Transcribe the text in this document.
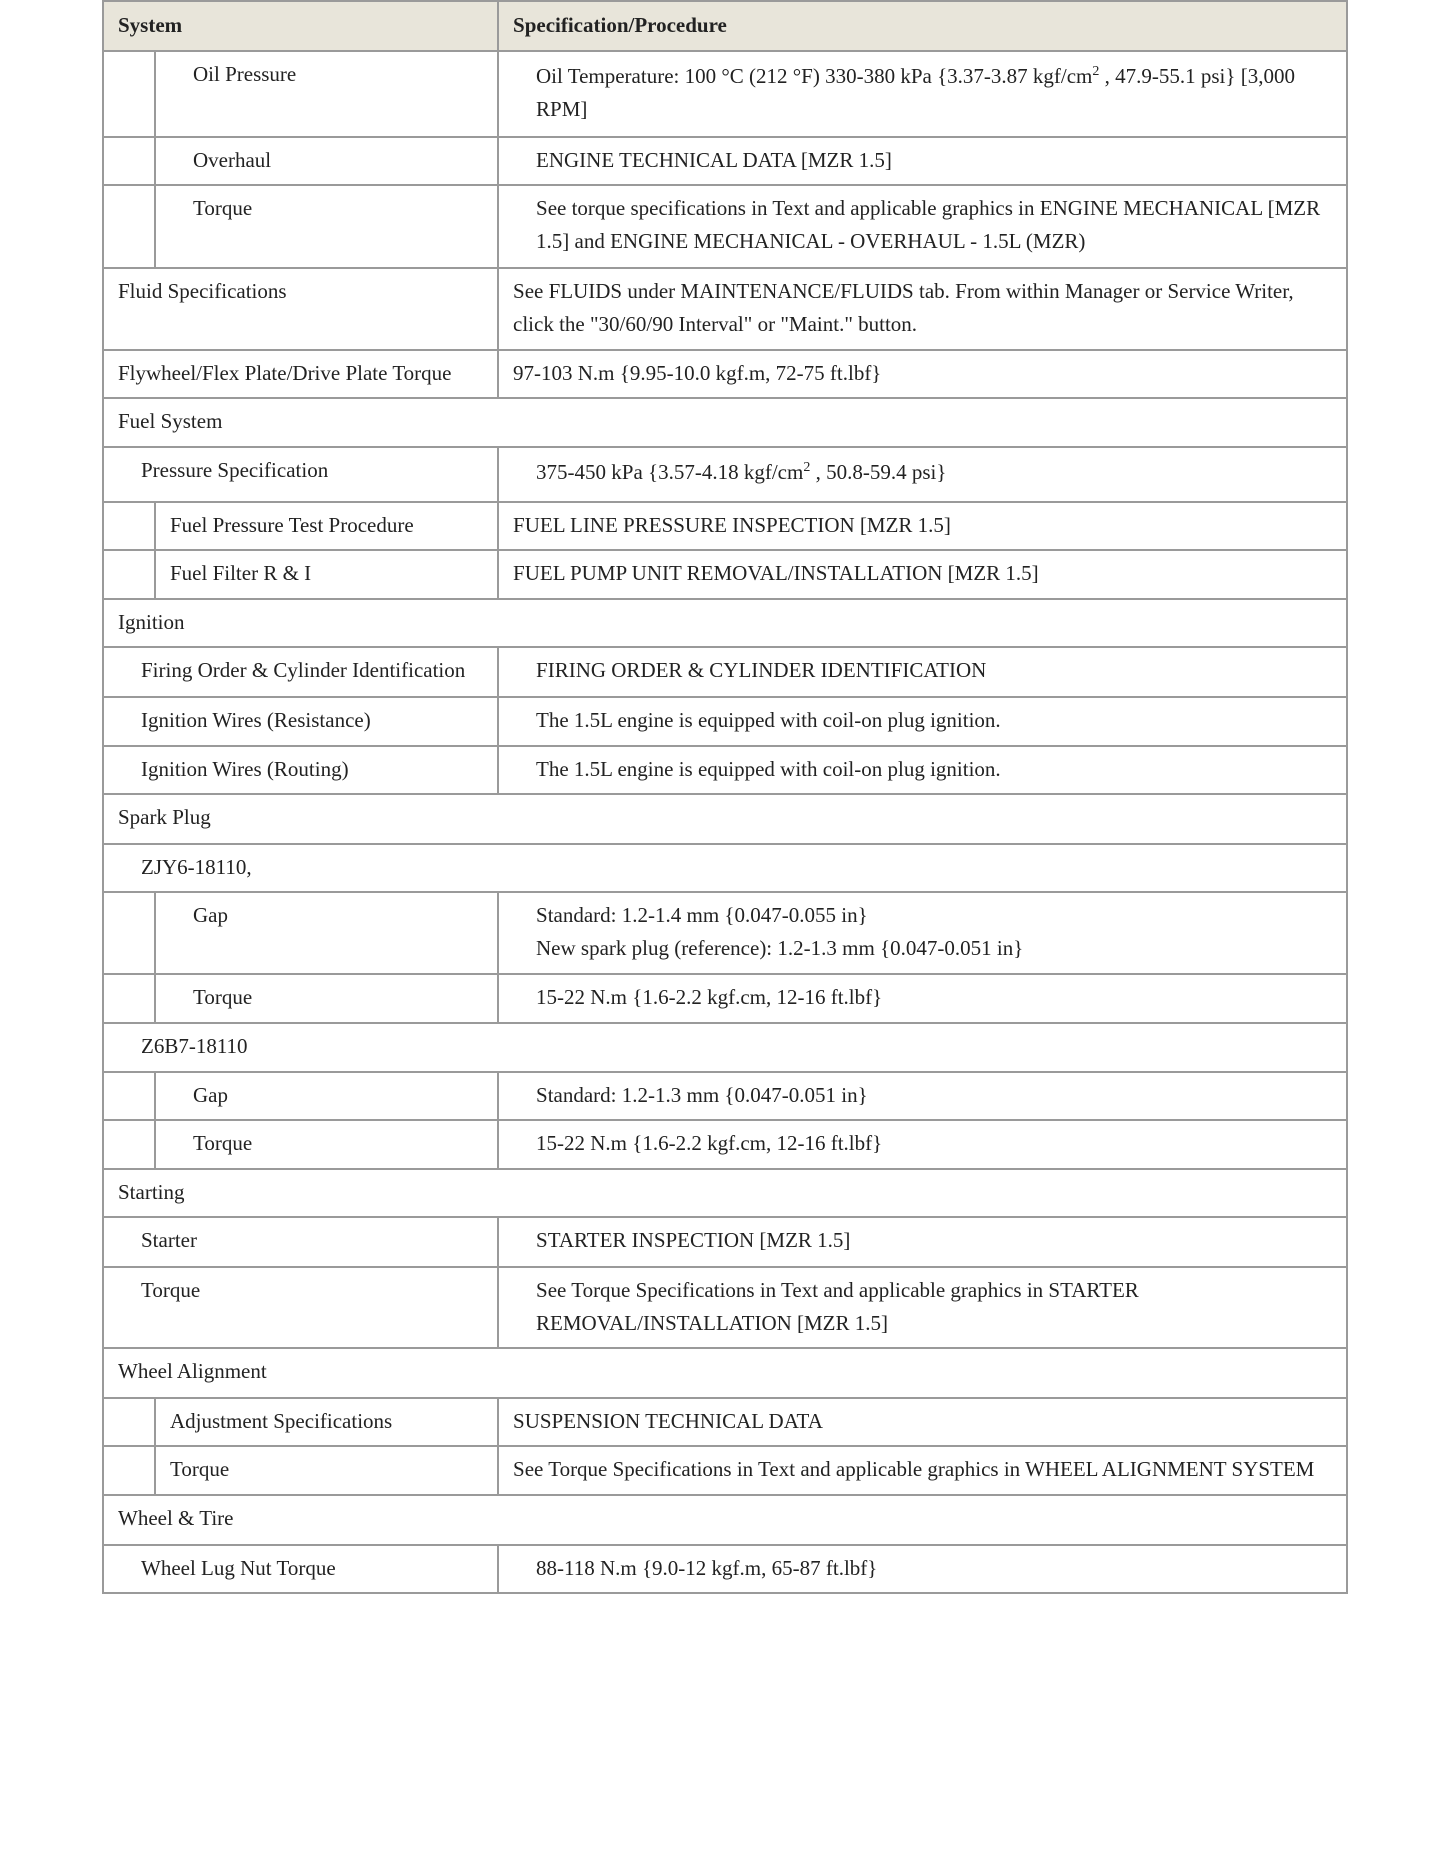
System		Specification/Procedure

	Oil Pressure	Oil Temperature: 100 °C (212 °F) 330-380 kPa {3.37-3.87 kgf/$cm^2$ , 47.9-55.1 psi} [3,000 RPM]

	Overhaul	ENGINE TECHNICAL DATA [MZR 1.5]

	Torque	See torque specifications in Text and applicable graphics in ENGINE MECHANICAL [MZR 1.5] and ENGINE MECHANICAL - OVERHAUL - 1.5L (MZR)

Fluid Specifications		See FLUIDS under MAINTENANCE/FLUIDS tab. From within Manager or Service Writer, click the "30/60/90 Interval" or "Maint." button.

Flywheel/Flex Plate/Drive Plate Torque		97-103 N.m {9.95-10.0 kgf.m, 72-75 ft.lbf}

Fuel System		

Pressure Specification		375-450 kPa {3.57-4.18 kgf/$cm^2$ , 50.8-59.4 psi}

	Fuel Pressure Test Procedure	FUEL LINE PRESSURE INSPECTION [MZR 1.5]

	Fuel Filter R & I	FUEL PUMP UNIT REMOVAL/INSTALLATION [MZR 1.5]

Ignition		

Firing Order & Cylinder Identification		FIRING ORDER & CYLINDER IDENTIFICATION

Ignition Wires (Resistance)		The 1.5L engine is equipped with coil-on plug ignition.

Ignition Wires (Routing)		The 1.5L engine is equipped with coil-on plug ignition.

Spark Plug		

ZJY6-18110,		

	Gap	Standard: 1.2-1.4 mm {0.047-0.055 in}
New spark plug (reference): 1.2-1.3 mm {0.047-0.051 in}

	Torque	15-22 N.m {1.6-2.2 kgf.cm, 12-16 ft.lbf}

Z6B7-18110		

	Gap	Standard: 1.2-1.3 mm {0.047-0.051 in}

	Torque	15-22 N.m {1.6-2.2 kgf.cm, 12-16 ft.lbf}

Starting		

Starter		STARTER INSPECTION [MZR 1.5]

Torque		See Torque Specifications in Text and applicable graphics in STARTER REMOVAL/INSTALLATION [MZR 1.5]

Wheel Alignment		

	Adjustment Specifications	SUSPENSION TECHNICAL DATA

	Torque	See Torque Specifications in Text and applicable graphics in WHEEL ALIGNMENT SYSTEM

Wheel & Tire		

Wheel Lug Nut Torque		88-118 N.m {9.0-12 kgf.m, 65-87 ft.lbf}
